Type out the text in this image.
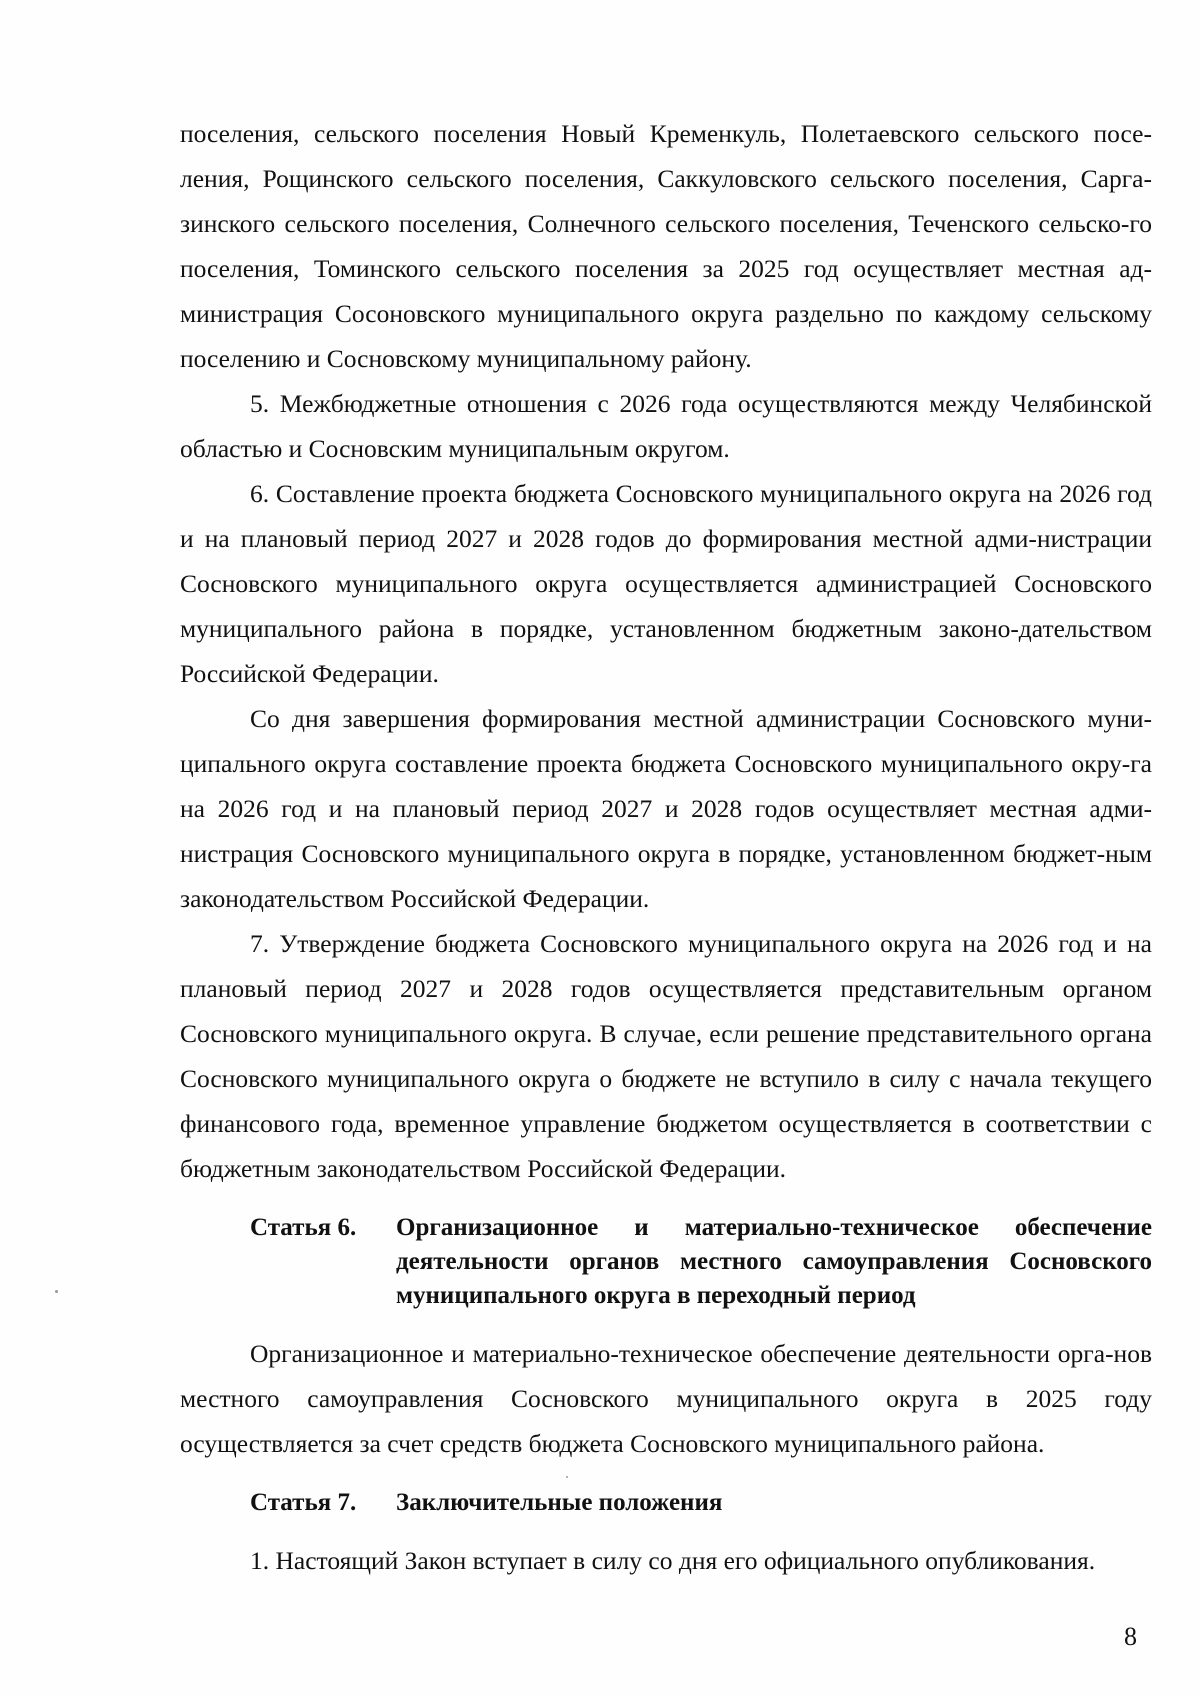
поселения, сельского поселения Новый Кременкуль, Полетаевского сельского посе-ления, Рощинского сельского поселения, Саккуловского сельского поселения, Сарга-зинского сельского поселения, Солнечного сельского поселения, Теченского сельско-го поселения, Томинского сельского поселения за 2025 год осуществляет местная ад-министрация Сосоновского муниципального округа раздельно по каждому сельскому поселению и Сосновскому муниципальному району.

5. Межбюджетные отношения с 2026 года осуществляются между Челябинской областью и Сосновским муниципальным округом.

6. Составление проекта бюджета Сосновского муниципального округа на 2026 год и на плановый период 2027 и 2028 годов до формирования местной адми-нистрации Сосновского муниципального округа осуществляется администрацией Сосновского муниципального района в порядке, установленном бюджетным законо-дательством Российской Федерации.

Со дня завершения формирования местной администрации Сосновского муни-ципального округа составление проекта бюджета Сосновского муниципального окру-га на 2026 год и на плановый период 2027 и 2028 годов осуществляет местная адми-нистрация Сосновского муниципального округа в порядке, установленном бюджет-ным законодательством Российской Федерации.

7. Утверждение бюджета Сосновского муниципального округа на 2026 год и на плановый период 2027 и 2028 годов осуществляется представительным органом Сосновского муниципального округа. В случае, если решение представительного органа Сосновского муниципального округа о бюджете не вступило в силу с начала текущего финансового года, временное управление бюджетом осуществляется в соответствии с бюджетным законодательством Российской Федерации.

Статья 6.	Организационное и материально-техническое обеспечение деятельности органов местного самоуправления Сосновского муниципального округа в переходный период

Организационное и материально-техническое обеспечение деятельности орга-нов местного самоуправления Сосновского муниципального округа в 2025 году осуществляется за счет средств бюджета Сосновского муниципального района.

Статья 7.	Заключительные положения

1. Настоящий Закон вступает в силу со дня его официального опубликования.

8
